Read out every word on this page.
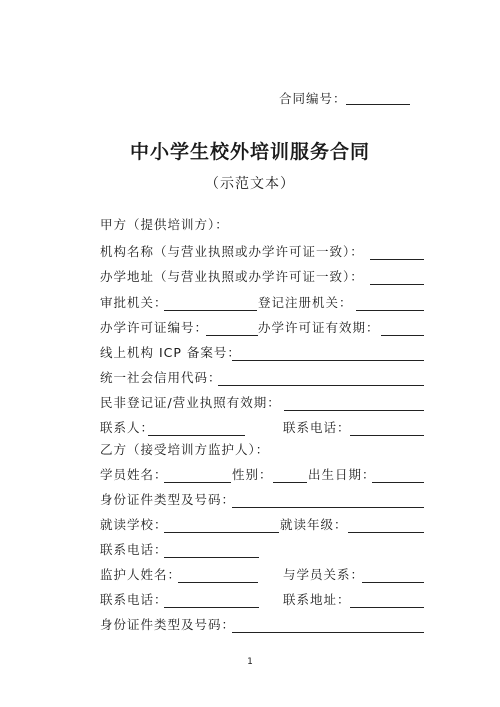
合同编号：
中小学生校外培训服务合同
（示范文本）
甲方（提供培训方）：
机构名称（与营业执照或办学许可证一致）：
办学地址（与营业执照或办学许可证一致）：
审批机关：	登记注册机关：
办学许可证编号：	办学许可证有效期：
线上机构 ICP 备案号：
统一社会信用代码：
民非登记证/营业执照有效期：
联系人：	联系电话：
乙方（接受培训方监护人）：
学员姓名：	性别：	出生日期：
身份证件类型及号码：
就读学校：	就读年级：
联系电话：
监护人姓名：	与学员关系：
联系电话：	联系地址：
身份证件类型及号码：
1
